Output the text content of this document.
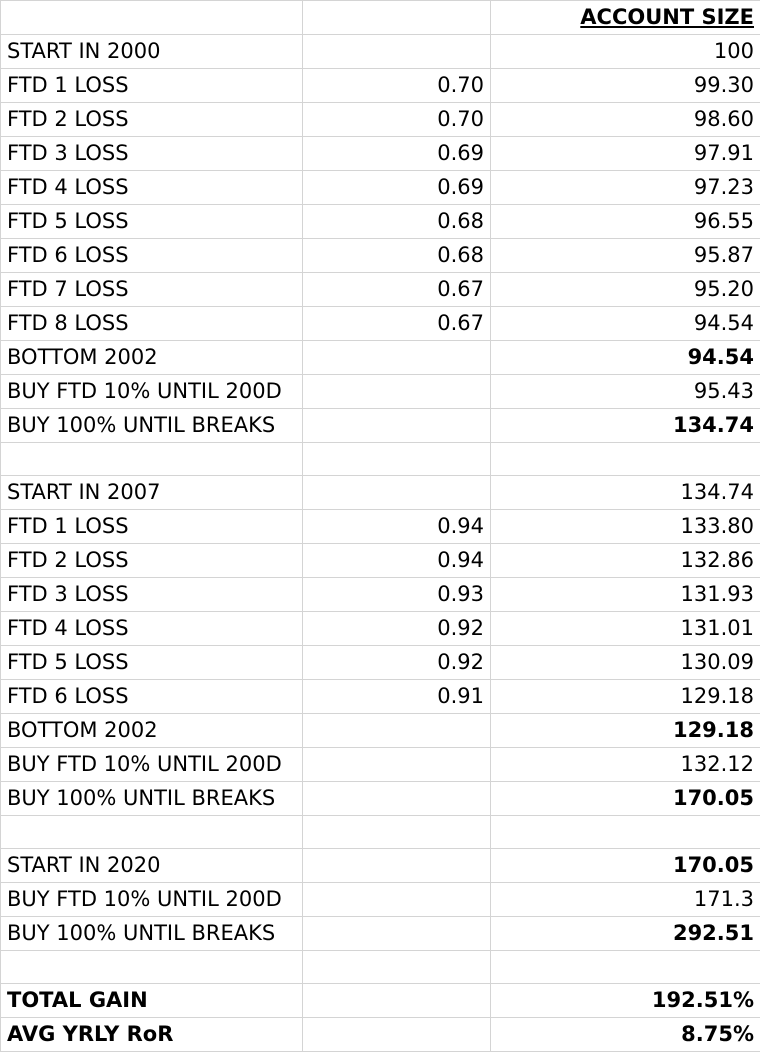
		ACCOUNT SIZE
START IN 2000		100
FTD 1 LOSS	0.70	99.30
FTD 2 LOSS	0.70	98.60
FTD 3 LOSS	0.69	97.91
FTD 4 LOSS	0.69	97.23
FTD 5 LOSS	0.68	96.55
FTD 6 LOSS	0.68	95.87
FTD 7 LOSS	0.67	95.20
FTD 8 LOSS	0.67	94.54
BOTTOM 2002		94.54
BUY FTD 10% UNTIL 200D		95.43
BUY 100% UNTIL BREAKS		134.74

START IN 2007		134.74
FTD 1 LOSS	0.94	133.80
FTD 2 LOSS	0.94	132.86
FTD 3 LOSS	0.93	131.93
FTD 4 LOSS	0.92	131.01
FTD 5 LOSS	0.92	130.09
FTD 6 LOSS	0.91	129.18
BOTTOM 2002		129.18
BUY FTD 10% UNTIL 200D		132.12
BUY 100% UNTIL BREAKS		170.05

START IN 2020		170.05
BUY FTD 10% UNTIL 200D		171.3
BUY 100% UNTIL BREAKS		292.51

TOTAL GAIN		192.51%
AVG YRLY RoR		8.75%
